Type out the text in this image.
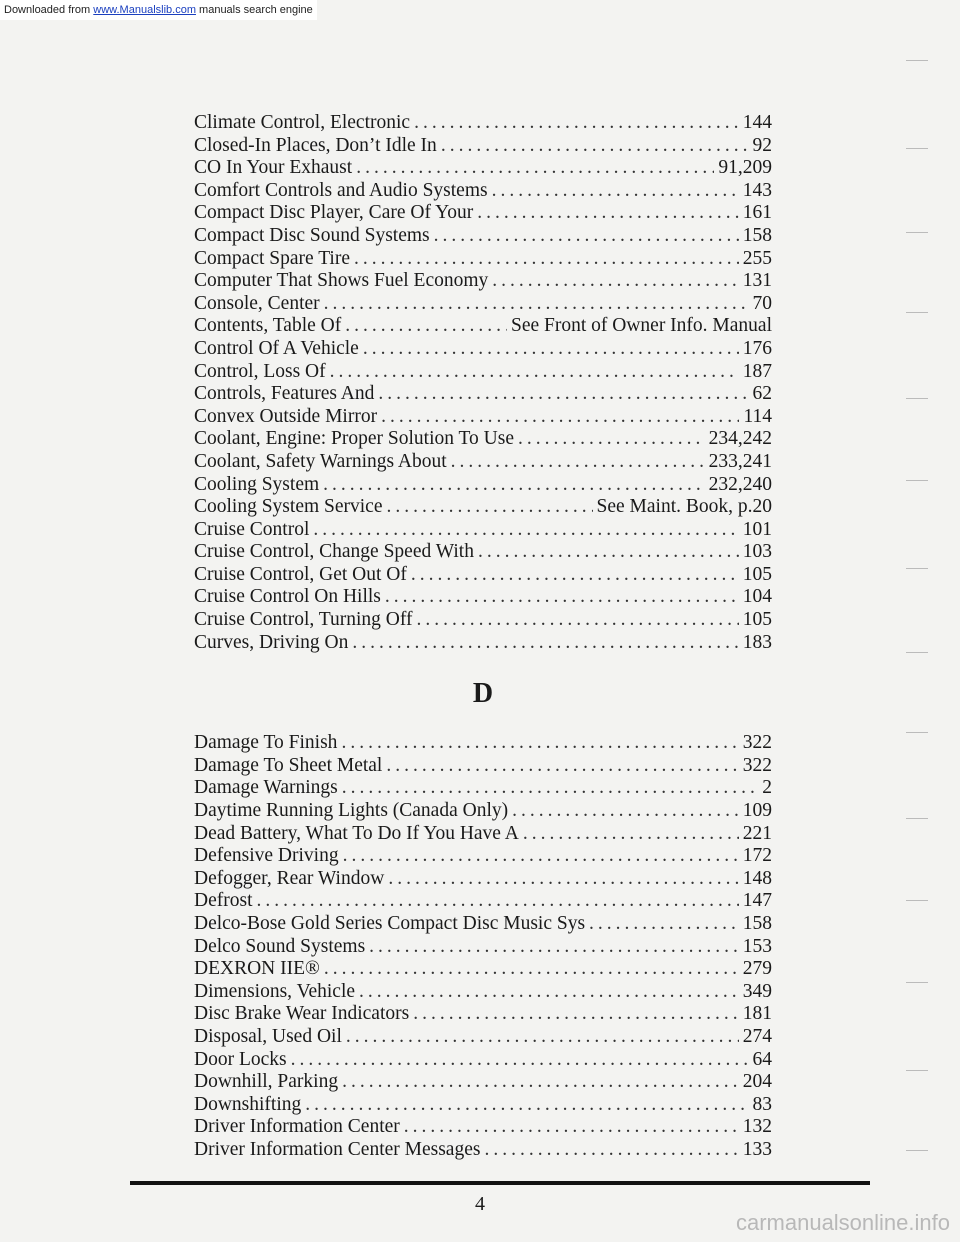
Downloaded from www.Manualslib.com manuals search engine
Climate Control, Electronic .....	144
Closed-In Places, Don’t Idle In .....	92
CO In Your Exhaust .....	91,209
Comfort Controls and Audio Systems .....	143
Compact Disc Player, Care Of Your .....	161
Compact Disc Sound Systems .....	158
Compact Spare Tire .....	255
Computer That Shows Fuel Economy .....	131
Console, Center .....	70
Contents, Table Of .....	See Front of Owner Info. Manual
Control Of A Vehicle .....	176
Control, Loss Of .....	187
Controls, Features And .....	62
Convex Outside Mirror .....	114
Coolant, Engine: Proper Solution To Use .....	234,242
Coolant, Safety Warnings About .....	233,241
Cooling System .....	232,240
Cooling System Service .....	See Maint. Book, p.20
Cruise Control .....	101
Cruise Control, Change Speed With .....	103
Cruise Control, Get Out Of .....	105
Cruise Control On Hills .....	104
Cruise Control, Turning Off .....	105
Curves, Driving On .....	183
D
Damage To Finish .....	322
Damage To Sheet Metal .....	322
Damage Warnings .....	2
Daytime Running Lights (Canada Only) .....	109
Dead Battery, What To Do If You Have A .....	221
Defensive Driving .....	172
Defogger, Rear Window .....	148
Defrost .....	147
Delco-Bose Gold Series Compact Disc Music Sys .....	158
Delco Sound Systems .....	153
DEXRON IIE® .....	279
Dimensions, Vehicle .....	349
Disc Brake Wear Indicators .....	181
Disposal, Used Oil .....	274
Door Locks .....	64
Downhill, Parking .....	204
Downshifting .....	83
Driver Information Center .....	132
Driver Information Center Messages .....	133
4
carmanualsonline.info
